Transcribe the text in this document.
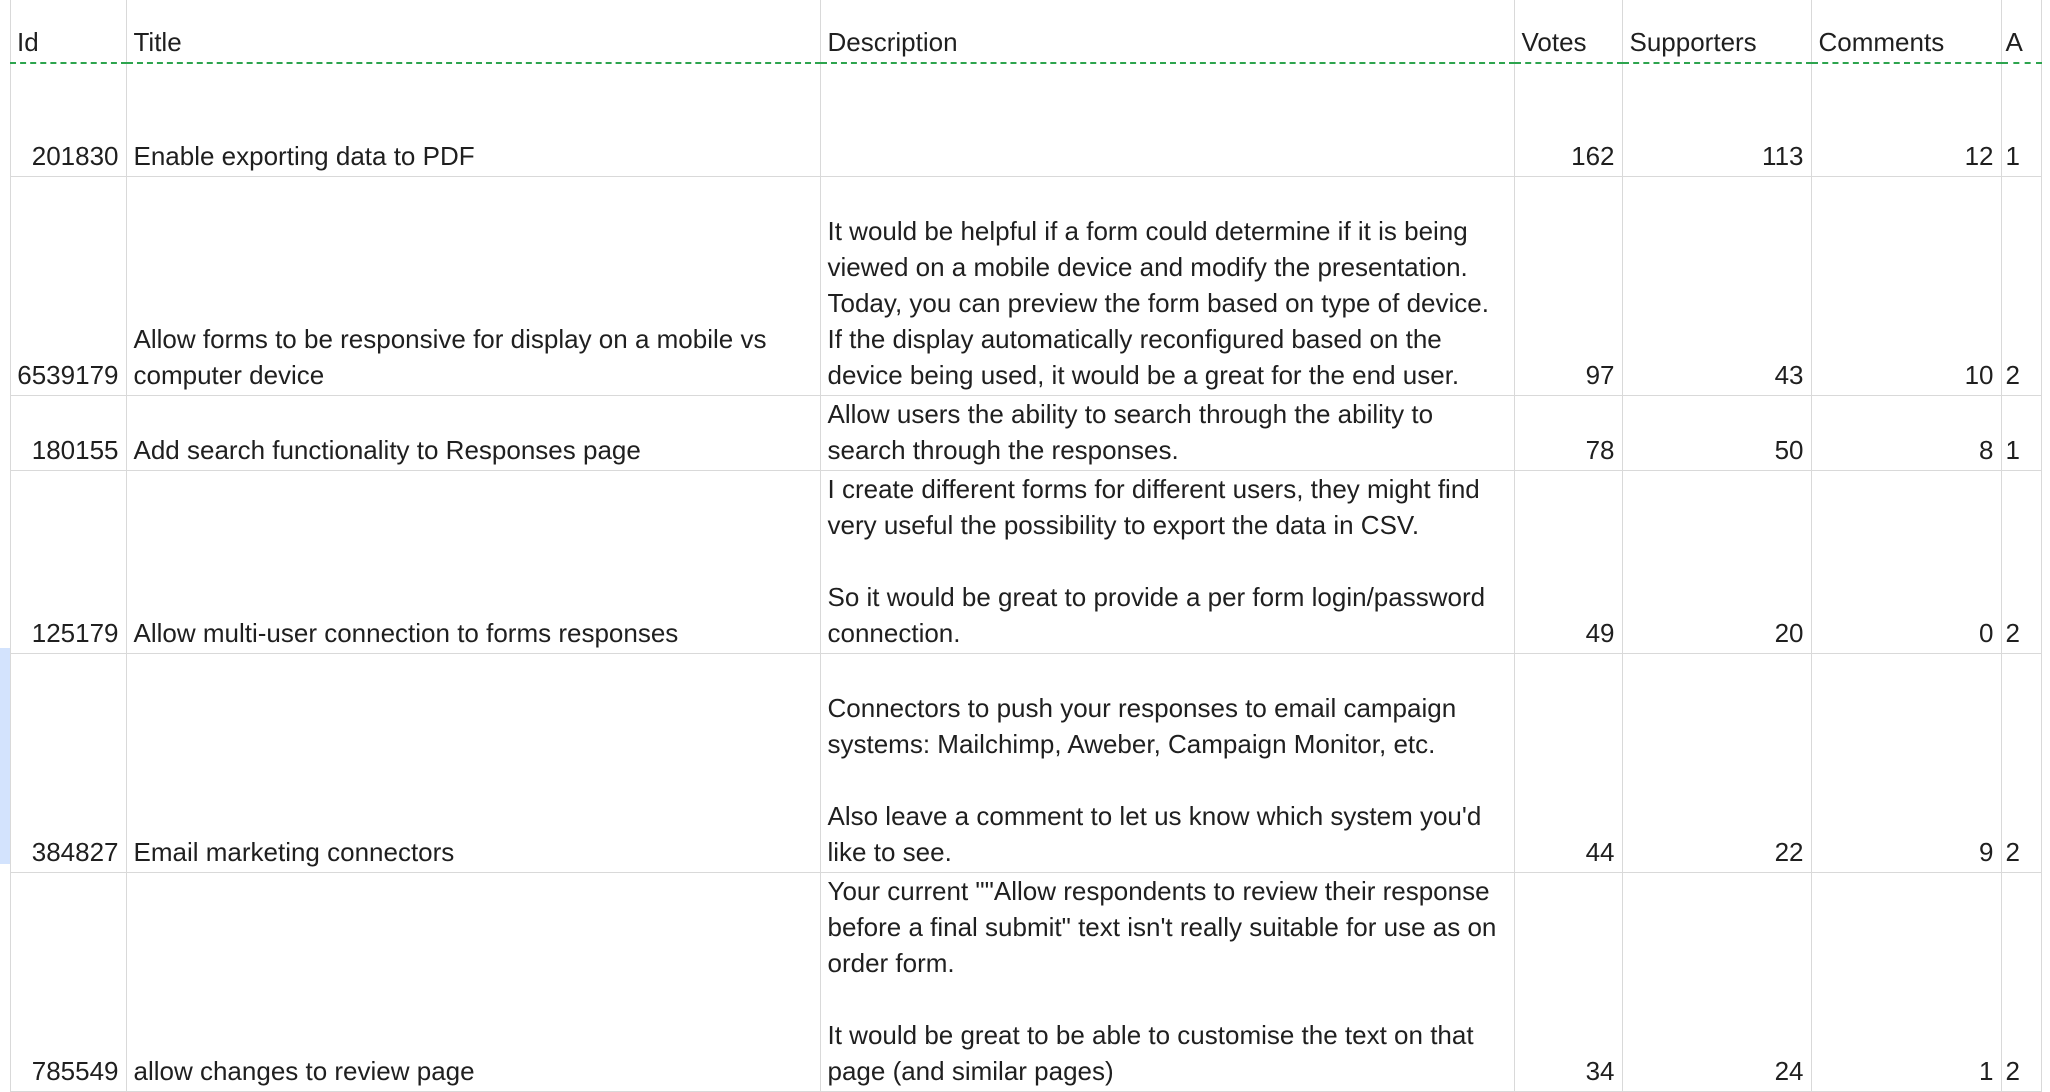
Id	Title	Description	Votes	Supporters	Comments	A
201830	Enable exporting data to PDF		162	113	12	1
6539179	Allow forms to be responsive for display on a mobile vs computer device	It would be helpful if a form could determine if it is being viewed on a mobile device and modify the presentation.  Today, you can preview the form based on type of device.  If the display automatically reconfigured based on the device being used, it would be a great for the end user.	97	43	10	2
180155	Add search functionality to Responses page	Allow users the ability to search through the ability to search through the responses.	78	50	8	1
125179	Allow multi-user connection to forms responses	I create different forms for different users, they might find very useful the possibility to export the data in CSV.

So it would be great to provide a per form login/password connection.	49	20	0	2
384827	Email marketing connectors	Connectors to push your responses to email campaign systems: Mailchimp, Aweber, Campaign Monitor, etc.

Also leave a comment to let us know which system you'd like to see.	44	22	9	2
785549	allow changes to review page	Your current ""Allow respondents to review their response before a final submit" text isn't really suitable for use as on order form.

It would be great to be able to customise the text on that page (and similar pages)	34	24	1	2
